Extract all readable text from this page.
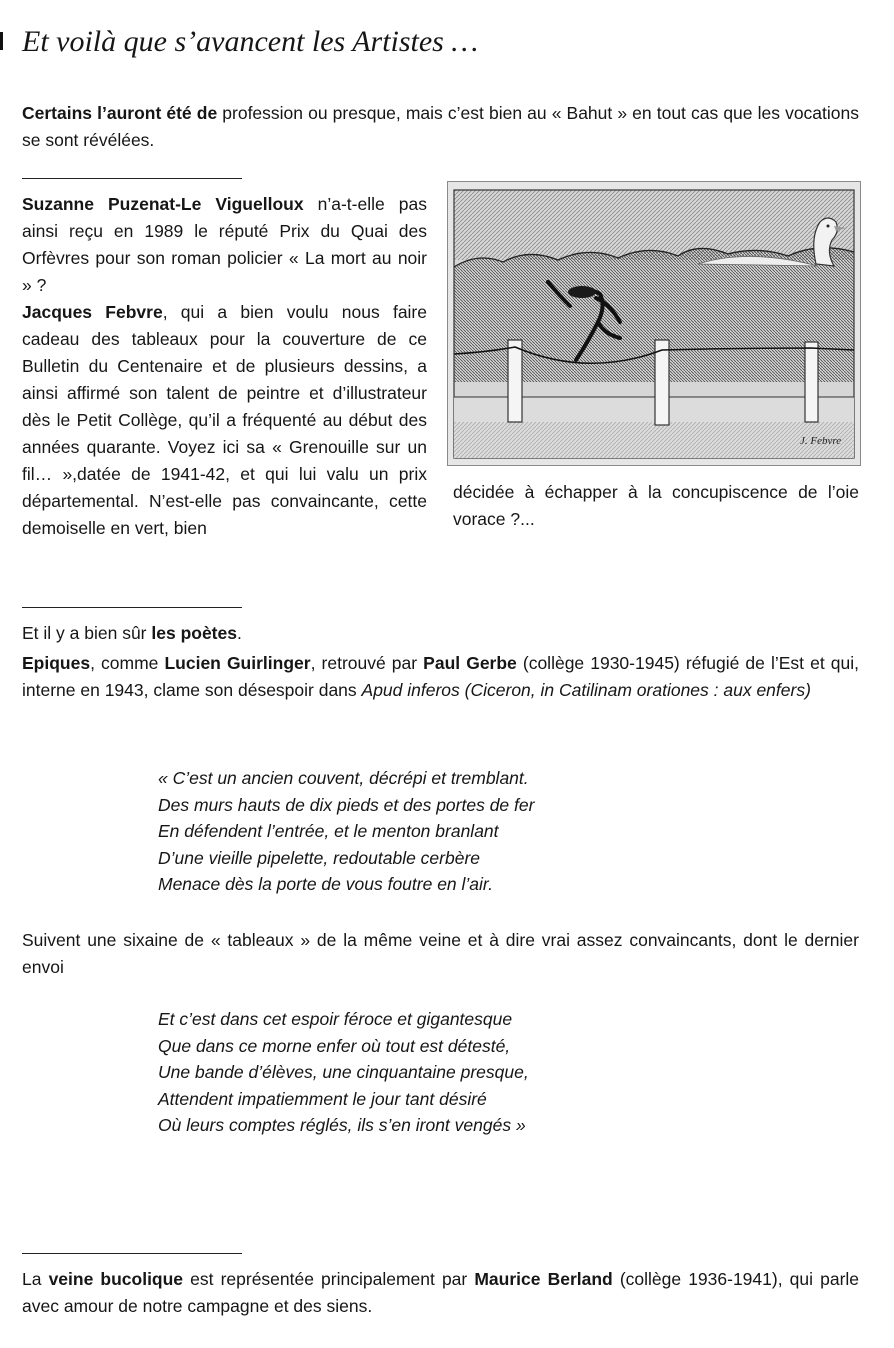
Et voilà que s’avancent les Artistes …

Certains l’auront été de profession ou presque, mais c’est bien au « Bahut » en tout cas que les vocations se sont révélées.

Suzanne Puzenat-Le Viguelloux n’a-t-elle pas ainsi reçu en 1989 le réputé Prix du Quai des Orfèvres pour son roman policier « La mort au noir » ?

Jacques Febvre, qui a bien voulu nous faire cadeau des tableaux pour la couverture de ce Bulletin du Centenaire et de plusieurs dessins, a ainsi affirmé son talent de peintre et d’illustrateur dès le Petit Collège, qu’il a fréquenté au début des années quarante. Voyez ici sa « Grenouille sur un fil… »,datée de 1941-42, et qui lui valu un prix départemental. N’est-elle pas convaincante, cette demoiselle en vert, bien

J. Febvre

décidée à échapper à la concupiscence de l’oie vorace ?...

Et il y a bien sûr les poètes.

Epiques, comme Lucien Guirlinger, retrouvé par Paul Gerbe (collège 1930-1945) réfugié de l’Est et qui, interne en 1943, clame son désespoir dans Apud inferos (Ciceron, in Catilinam orationes : aux enfers)

« C’est un ancien couvent, décrépi et tremblant.
Des murs hauts de dix pieds et des portes de fer
En défendent l’entrée, et le menton branlant
D’une vieille pipelette, redoutable cerbère
Menace dès la porte de vous foutre en l’air.

Suivent une sixaine de « tableaux » de la même veine et à dire vrai assez convaincants, dont le dernier envoi

Et c’est dans cet espoir féroce et gigantesque
Que dans ce morne enfer où tout est détesté,
Une bande d’élèves, une cinquantaine presque,
Attendent impatiemment le jour tant désiré
Où leurs comptes réglés, ils s’en iront vengés »

La veine bucolique est représentée principalement par Maurice Berland (collège 1936-1941), qui parle avec amour de notre campagne et des siens.
